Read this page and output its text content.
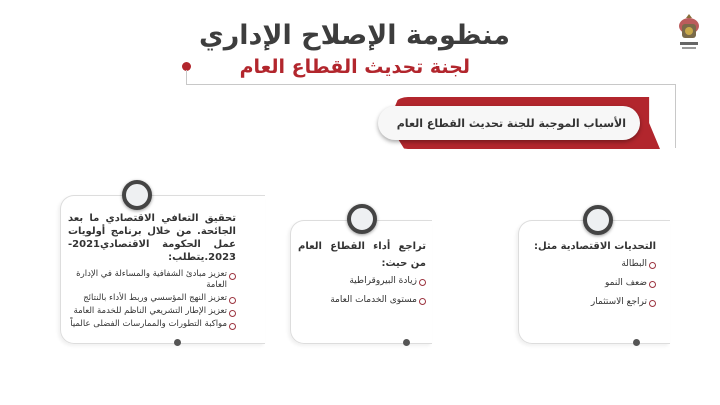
منظومة الإصلاح الإداري
لجنة تحديث القطاع العام
الأسباب الموجبة للجنة تحديث القطاع العام
التحديات الاقتصادية مثل:
البطالة
ضعف النمو
تراجع الاستثمار
تراجع أداء القطاع العام من حيث:
زيادة البيروقراطية
مستوى الخدمات العامة
تحقيق التعافي الاقتصادي ما بعد الجائحة. من خلال برنامج أولويات عمل الحكومة الاقتصادي2021-2023.يتطلب:
تعزيز مبادئ الشفافية والمساءلة في الإدارة العامة
تعزيز النهج المؤسسي وربط الأداء بالنتائج
تعزيز الإطار التشريعي الناظم للخدمة العامة
مواكبة التطورات والممارسات الفضلى عالمياً
